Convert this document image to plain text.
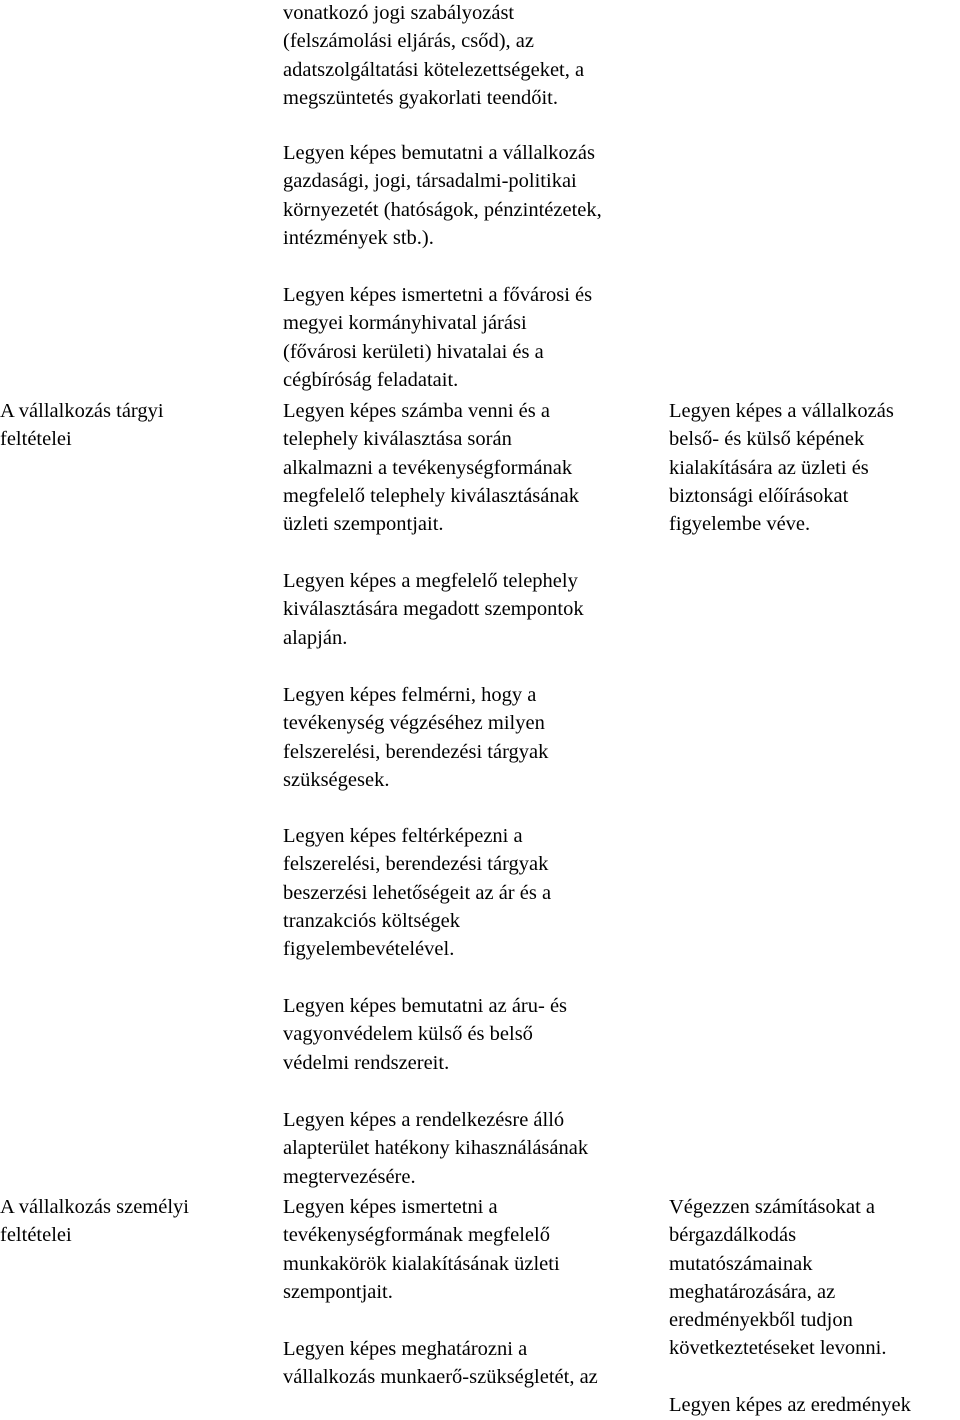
A vállalkozás tárgyi
feltételei

vonatkozó jogi szabályozást
(felszámolási eljárás, csőd), az
adatszolgáltatási kötelezettségeket, a
megszüntetés gyakorlati teendőit.

Legyen képes bemutatni a vállalkozás
gazdasági, jogi, társadalmi-politikai
környezetét (hatóságok, pénzintézetek,
intézmények stb.).

Legyen képes ismertetni a fővárosi és
megyei kormányhivatal járási
(fővárosi kerületi) hivatalai és a
cégbíróság feladatait.

Legyen képes számba venni és a
telephely kiválasztása során
alkalmazni a tevékenységformának
megfelelő telephely kiválasztásának
üzleti szempontjait.

Legyen képes a megfelelő telephely
kiválasztására megadott szempontok
alapján.

Legyen képes felmérni, hogy a
tevékenység végzéséhez milyen
felszerelési, berendezési tárgyak
szükségesek.

Legyen képes feltérképezni a
felszerelési, berendezési tárgyak
beszerzési lehetőségeit az ár és a
tranzakciós költségek
figyelembevételével.

Legyen képes bemutatni az áru- és
vagyonvédelem külső és belső
védelmi rendszereit.

Legyen képes a rendelkezésre álló
alapterület hatékony kihasználásának
megtervezésére.

Legyen képes a vállalkozás
belső- és külső képének
kialakítására az üzleti és
biztonsági előírásokat
figyelembe véve.

A vállalkozás személyi
feltételei

Legyen képes ismertetni a
tevékenységformának megfelelő
munkakörök kialakításának üzleti
szempontjait.

Legyen képes meghatározni a
vállalkozás munkaerő-szükségletét, az

Végezzen számításokat a
bérgazdálkodás
mutatószámainak
meghatározására, az
eredményekből tudjon
következtetéseket levonni.

Legyen képes az eredmények
